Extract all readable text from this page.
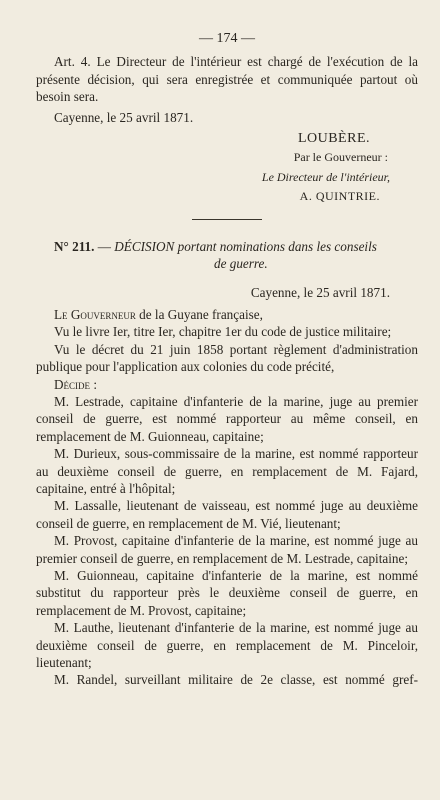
— 174 —

Art. 4. Le Directeur de l'intérieur est chargé de l'exécution de la présente décision, qui sera enregistrée et communiquée partout où besoin sera.

Cayenne, le 25 avril 1871.

LOUBÈRE.
Par le Gouverneur :
Le Directeur de l'intérieur,
A. QUINTRIE.

N° 211. — DÉCISION portant nominations dans les conseils
de guerre.

Cayenne, le 25 avril 1871.

Le Gouverneur de la Guyane française,

Vu le livre Ier, titre Ier, chapitre 1er du code de justice militaire;

Vu le décret du 21 juin 1858 portant règlement d'administration publique pour l'application aux colonies du code précité,

Décide :

M. Lestrade, capitaine d'infanterie de la marine, juge au premier conseil de guerre, est nommé rapporteur au même conseil, en remplacement de M. Guionneau, capitaine;

M. Durieux, sous-commissaire de la marine, est nommé rapporteur au deuxième conseil de guerre, en remplacement de M. Fajard, capitaine, entré à l'hôpital;

M. Lassalle, lieutenant de vaisseau, est nommé juge au deuxième conseil de guerre, en remplacement de M. Vié, lieutenant;

M. Provost, capitaine d'infanterie de la marine, est nommé juge au premier conseil de guerre, en remplacement de M. Lestrade, capitaine;

M. Guionneau, capitaine d'infanterie de la marine, est nommé substitut du rapporteur près le deuxième conseil de guerre, en remplacement de M. Provost, capitaine;

M. Lauthe, lieutenant d'infanterie de la marine, est nommé juge au deuxième conseil de guerre, en remplacement de M. Pinceloir, lieutenant;

M. Randel, surveillant militaire de 2e classe, est nommé gref-
